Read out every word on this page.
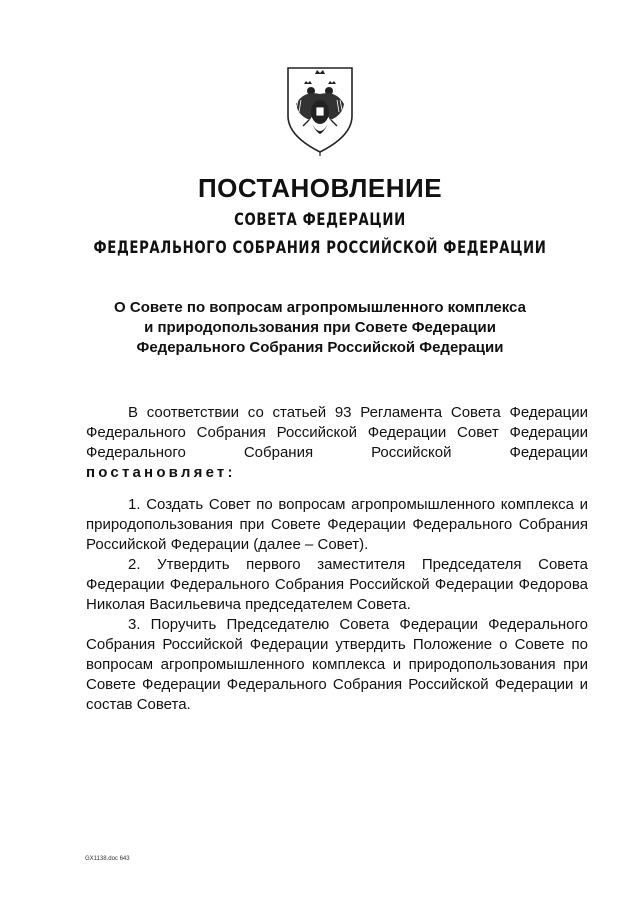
ПОСТАНОВЛЕНИЕ
СОВЕТА ФЕДЕРАЦИИ
ФЕДЕРАЛЬНОГО СОБРАНИЯ РОССИЙСКОЙ ФЕДЕРАЦИИ
О Совете по вопросам агропромышленного комплекса
и природопользования при Совете Федерации
Федерального Собрания Российской Федерации

В соответствии со статьей 93 Регламента Совета Федерации Федерального Собрания Российской Федерации Совет Федерации Федерального Собрания Российской Федерации

постановляет:

1. Создать Совет по вопросам агропромышленного комплекса и природопользования при Совете Федерации Федерального Собрания Российской Федерации (далее – Совет).

2. Утвердить первого заместителя Председателя Совета Федерации Федерального Собрания Российской Федерации Федорова Николая Васильевича председателем Совета.

3. Поручить Председателю Совета Федерации Федерального Собрания Российской Федерации утвердить Положение о Совете по вопросам агропромышленного комплекса и природопользования при Совете Федерации Федерального Собрания Российской Федерации и состав Совета.

GX1138.doc 643
